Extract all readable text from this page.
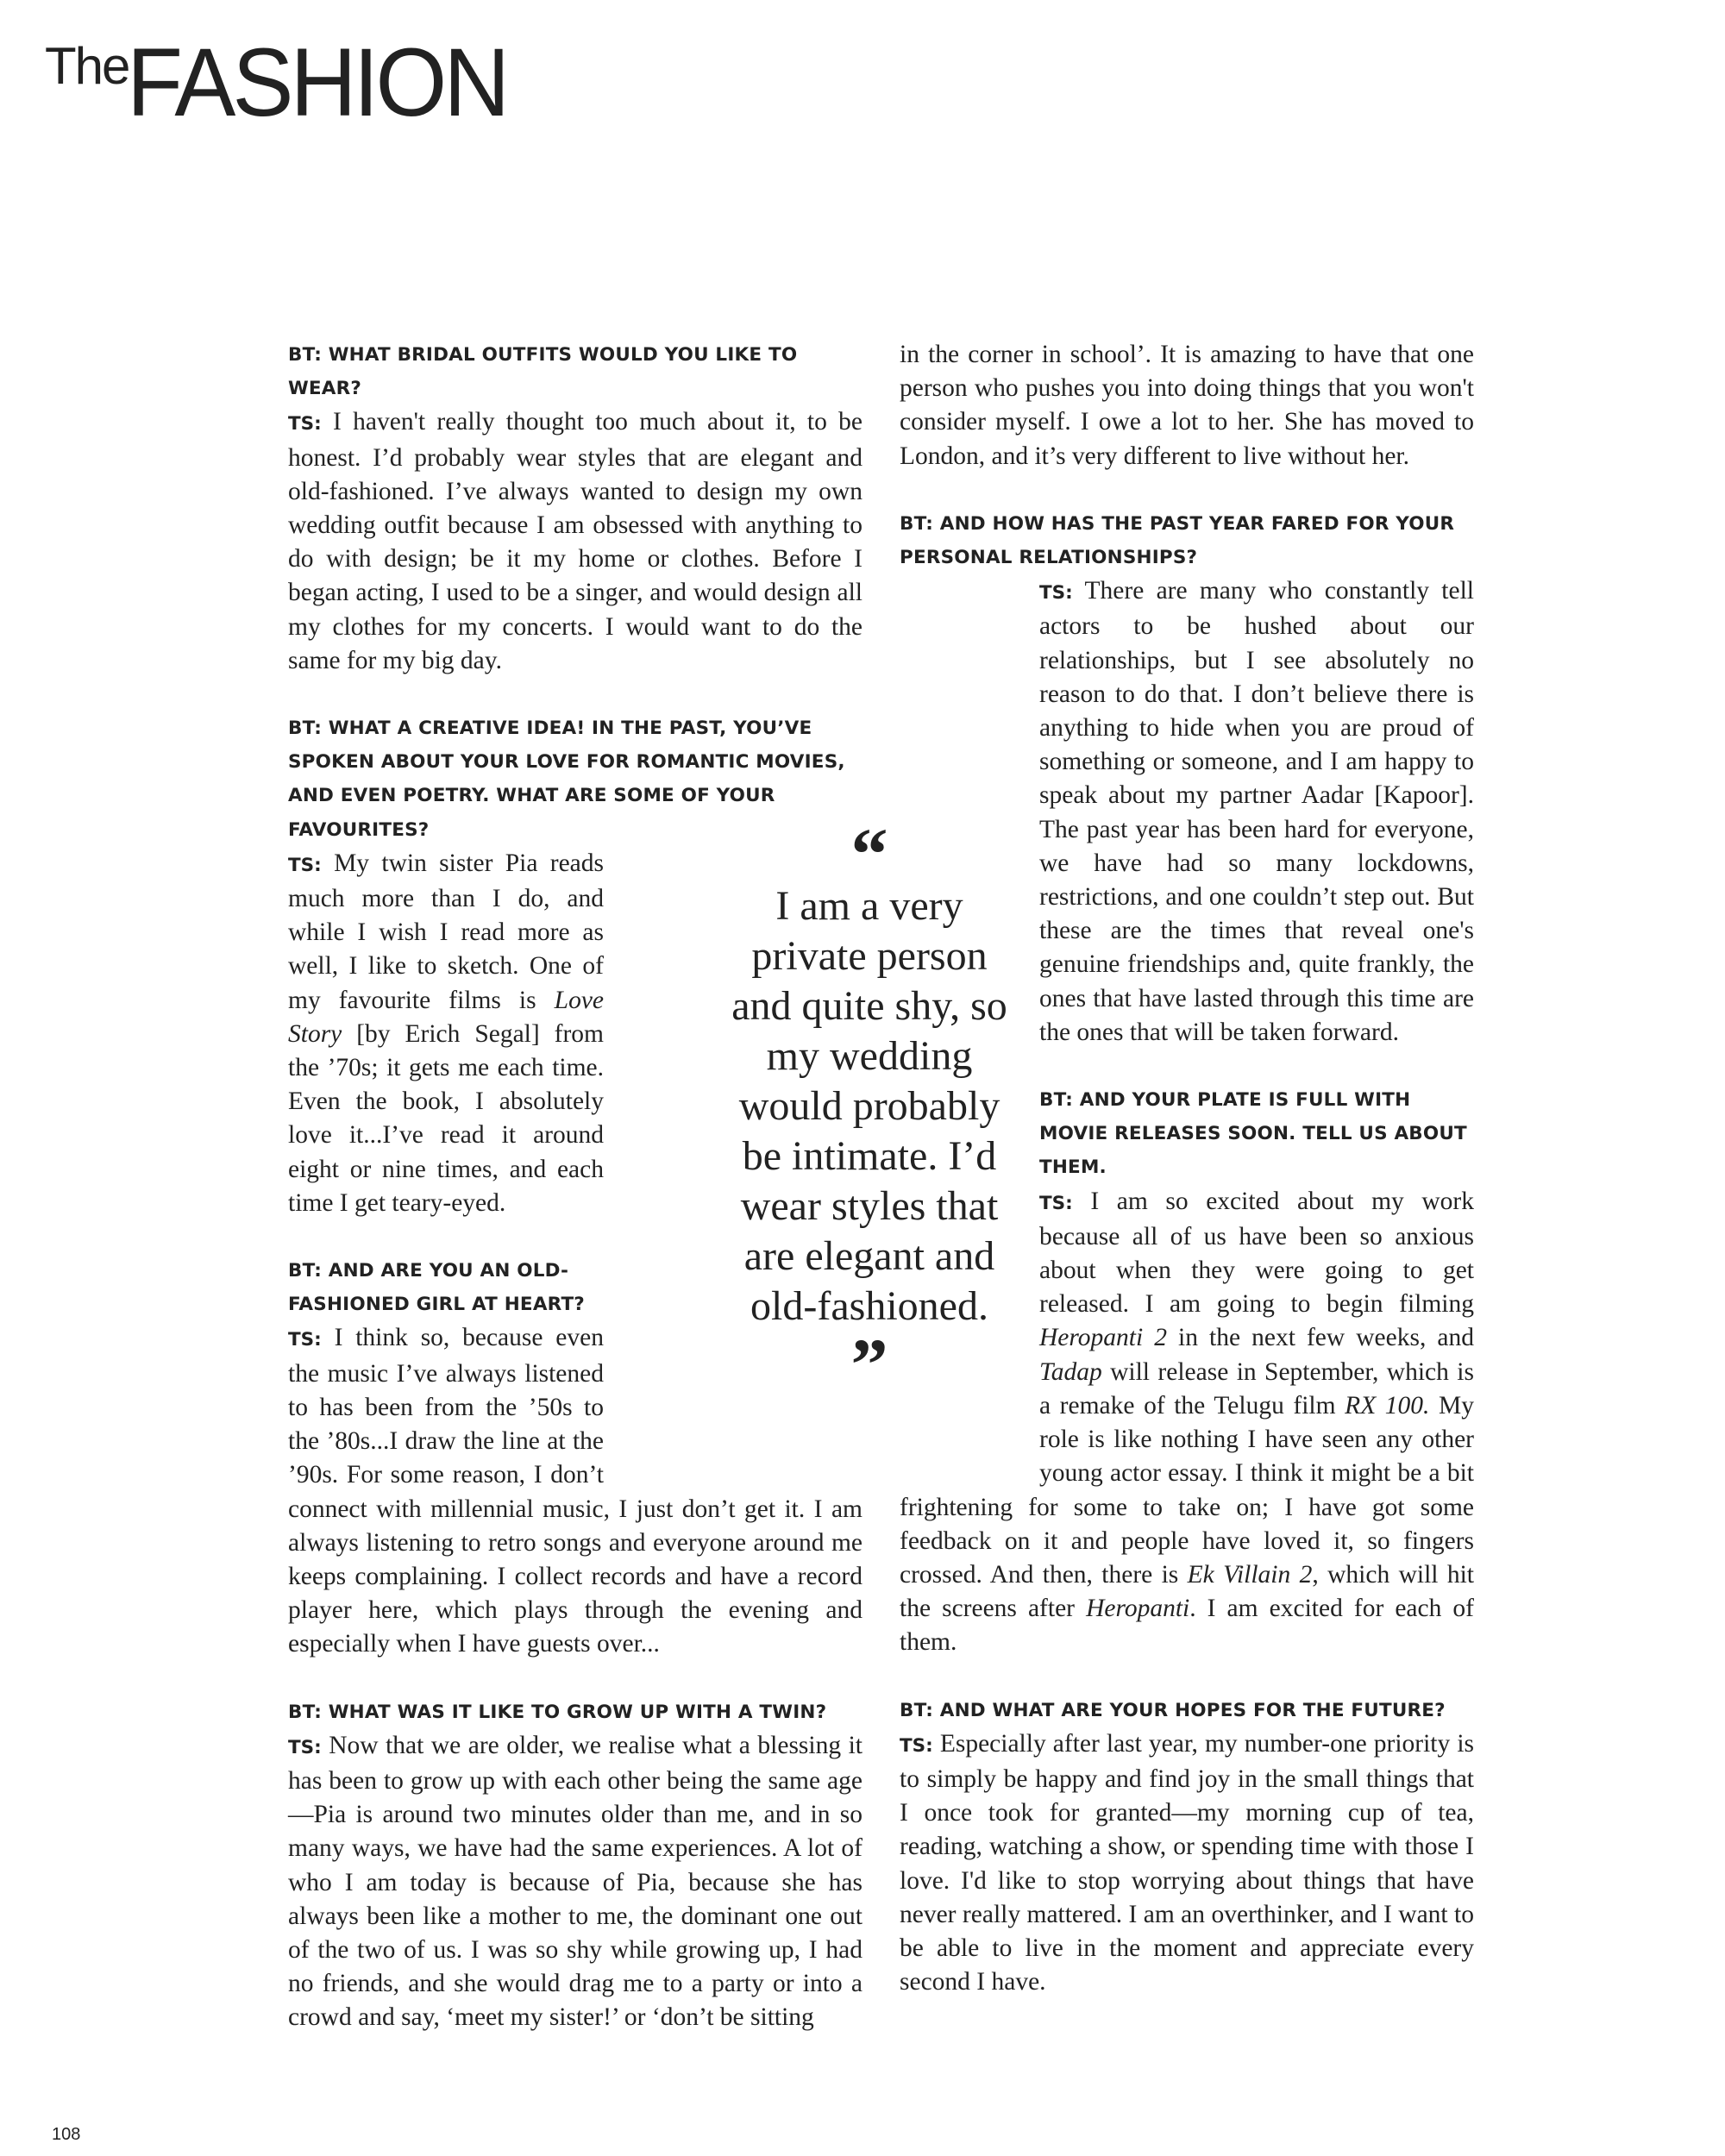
TheFASHION

BT: WHAT BRIDAL OUTFITS WOULD YOU LIKE TO WEAR?

TS: I haven't really thought too much about it, to be honest. I’d probably wear styles that are elegant and old-fashioned. I’ve always wanted to design my own wedding outfit because I am obsessed with anything to do with design; be it my home or clothes. Before I began acting, I used to be a singer, and would design all my clothes for my concerts. I would want to do the same for my big day.

BT: WHAT A CREATIVE IDEA! IN THE PAST, YOU’VE SPOKEN ABOUT YOUR LOVE FOR ROMANTIC MOVIES, AND EVEN POETRY. WHAT ARE SOME OF YOUR FAVOURITES?

TS: My twin sister Pia reads much more than I do, and while I wish I read more as well, I like to sketch. One of my favourite films is Love Story [by Erich Segal] from the ’70s; it gets me each time. Even the book, I absolutely love it...I’ve read it around eight or nine times, and each time I get teary-eyed.

BT: AND ARE YOU AN OLD-FASHIONED GIRL AT HEART?

TS: I think so, because even the music I’ve always listened to has been from the ’50s to the ’80s...I draw the line at the ’90s. For some reason, I don’t connect with millennial music, I just don’t get it. I am always listening to retro songs and everyone around me keeps complaining. I collect records and have a record player here, which plays through the evening and especially when I have guests over...

BT: WHAT WAS IT LIKE TO GROW UP WITH A TWIN?

TS: Now that we are older, we realise what a blessing it has been to grow up with each other being the same age—Pia is around two minutes older than me, and in so many ways, we have had the same experiences. A lot of who I am today is because of Pia, because she has always been like a mother to me, the dominant one out of the two of us. I was so shy while growing up, I had no friends, and she would drag me to a party or into a crowd and say, ‘meet my sister!’ or ‘don’t be sitting

in the corner in school’. It is amazing to have that one person who pushes you into doing things that you won't consider myself. I owe a lot to her. She has moved to London, and it’s very different to live without her.

BT: AND HOW HAS THE PAST YEAR FARED FOR YOUR PERSONAL RELATIONSHIPS?

TS: There are many who constantly tell actors to be hushed about our relationships, but I see absolutely no reason to do that. I don’t believe there is anything to hide when you are proud of something or someone, and I am happy to speak about my partner Aadar [Kapoor]. The past year has been hard for everyone, we have had so many lockdowns, restrictions, and one couldn’t step out. But these are the times that reveal one's genuine friendships and, quite frankly, the ones that have lasted through this time are the ones that will be taken forward.

BT: AND YOUR PLATE IS FULL WITH MOVIE RELEASES SOON. TELL US ABOUT THEM.

TS: I am so excited about my work because all of us have been so anxious about when they were going to get released. I am going to begin filming Heropanti 2 in the next few weeks, and Tadap will release in September, which is a remake of the Telugu film RX 100. My role is like nothing I have seen any other young actor essay. I think it might be a bit frightening for some to take on; I have got some feedback on it and people have loved it, so fingers crossed. And then, there is Ek Villain 2, which will hit the screens after Heropanti. I am excited for each of them.

BT: AND WHAT ARE YOUR HOPES FOR THE FUTURE?

TS: Especially after last year, my number-one priority is to simply be happy and find joy in the small things that I once took for granted—my morning cup of tea, reading, watching a show, or spending time with those I love. I'd like to stop worrying about things that have never really mattered. I am an overthinker, and I want to be able to live in the moment and appreciate every second I have.

“

I am a very private person and quite shy, so my wedding would probably be intimate. I’d wear styles that are elegant and old-fashioned.

”
108
